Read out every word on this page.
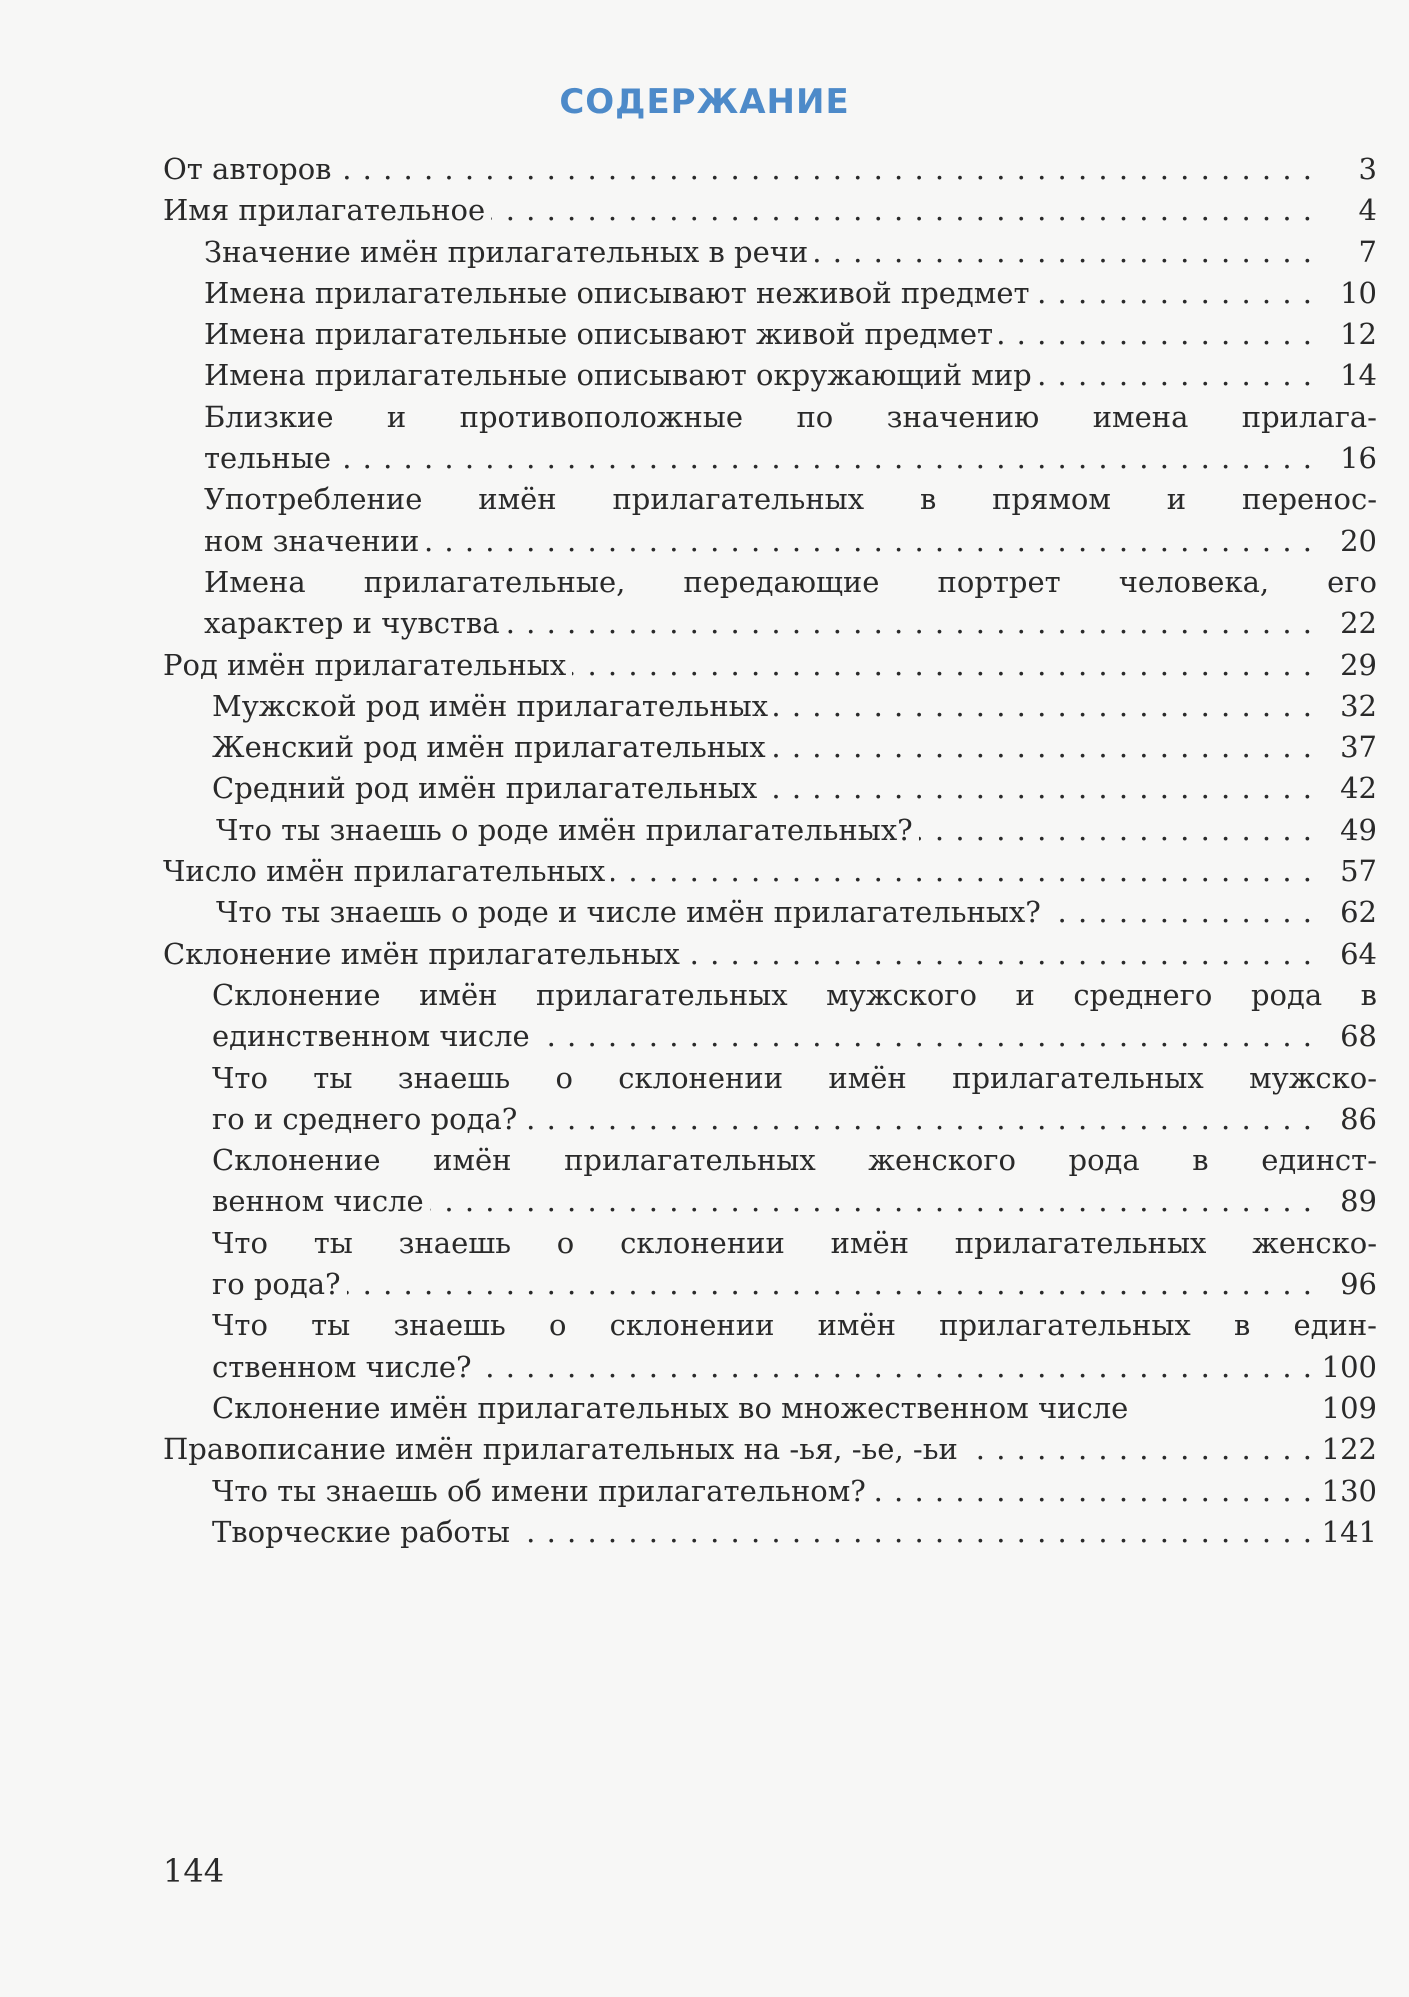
СОДЕРЖАНИЕ
От авторов . . .	3
Имя прилагательное . . .	4
Значение имён прилагательных в речи . . .	7
Имена прилагательные описывают неживой предмет . . .	10
Имена прилагательные описывают живой предмет . . .	12
Имена прилагательные описывают окружающий мир . . .	14
Близкие и противоположные по значению имена прилага-
тельные . . .	16
Употребление имён прилагательных в прямом и перенос-
ном значении . . .	20
Имена прилагательные, передающие портрет человека, его
характер и чувства . . .	22
Род имён прилагательных . . .	29
Мужской род имён прилагательных . . .	32
Женский род имён прилагательных . . .	37
Средний род имён прилагательных . . .	42
Что ты знаешь о роде имён прилагательных? . . .	49
Число имён прилагательных . . .	57
Что ты знаешь о роде и числе имён прилагательных? . . .	62
Склонение имён прилагательных . . .	64
Склонение имён прилагательных мужского и среднего рода в
единственном числе . . .	68
Что ты знаешь о склонении имён прилагательных мужско-
го и среднего рода? . . .	86
Склонение имён прилагательных женского рода в единст-
венном числе . . .	89
Что ты знаешь о склонении имён прилагательных женско-
го рода? . . .	96
Что ты знаешь о склонении имён прилагательных в един-
ственном числе? . . .	100
Склонение имён прилагательных во множественном числе	109
Правописание имён прилагательных на -ья, -ье, -ьи . . .	122
Что ты знаешь об имени прилагательном? . . .	130
Творческие работы . . .	141
144
